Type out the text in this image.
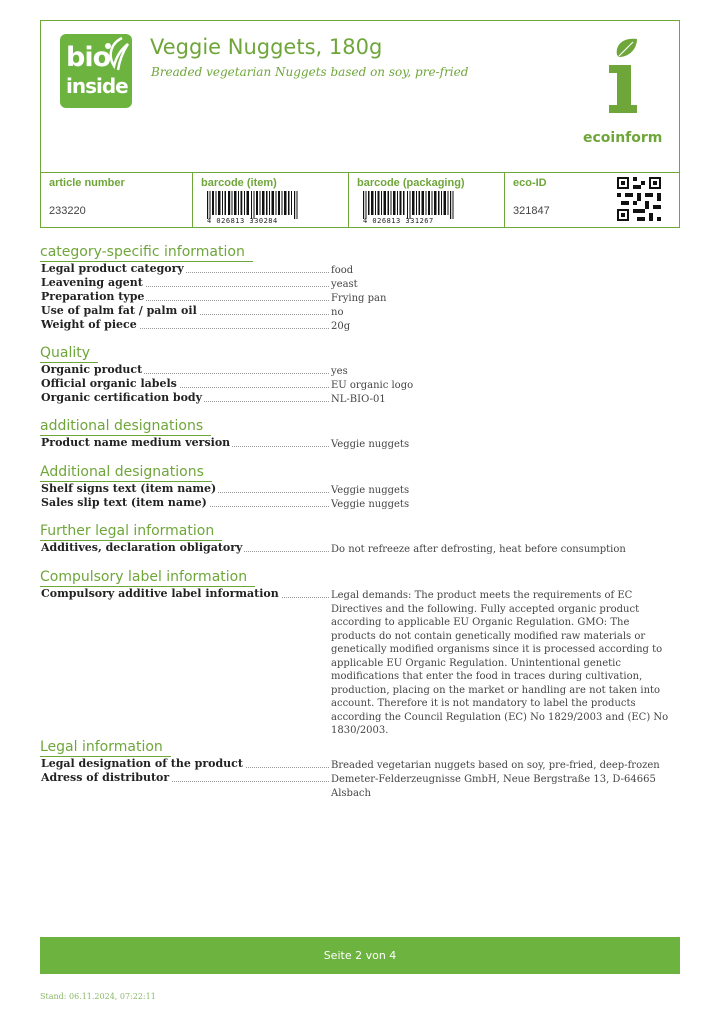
bio
inside
Veggie Nuggets, 180g
Breaded vegetarian Nuggets based on soy, pre-fried
ecoinform
article number
233220
barcode (item)
4 026813 330284
barcode (packaging)
4 026813 331267
eco-ID
321847
category-specific information
Legal product category	food
Leavening agent	yeast
Preparation type	Frying pan
Use of palm fat / palm oil	no
Weight of piece	20g
Quality
Organic product	yes
Official organic labels	EU organic logo
Organic certification body	NL-BIO-01
additional designations
Product name medium version	Veggie nuggets
Additional designations
Shelf signs text (item name)	Veggie nuggets
Sales slip text (item name)	Veggie nuggets
Further legal information
Additives, declaration obligatory	Do not refreeze after defrosting, heat before consumption
Compulsory label information
Compulsory additive label information	Legal demands: The product meets the requirements of EC Directives and the following. Fully accepted organic product according to applicable EU Organic Regulation. GMO: The products do not contain genetically modified raw materials or genetically modified organisms since it is processed according to applicable EU Organic Regulation. Unintentional genetic modifications that enter the food in traces during cultivation, production, placing on the market or handling are not taken into account. Therefore it is not mandatory to label the products according the Council Regulation (EC) No 1829/2003 and (EC) No 1830/2003.
Legal information
Legal designation of the product	Breaded vegetarian nuggets based on soy, pre-fried, deep-frozen
Adress of distributor	Demeter-Felderzeugnisse GmbH, Neue Bergstraße 13, D-64665 Alsbach
Seite 2 von 4
Stand: 06.11.2024, 07:22:11
